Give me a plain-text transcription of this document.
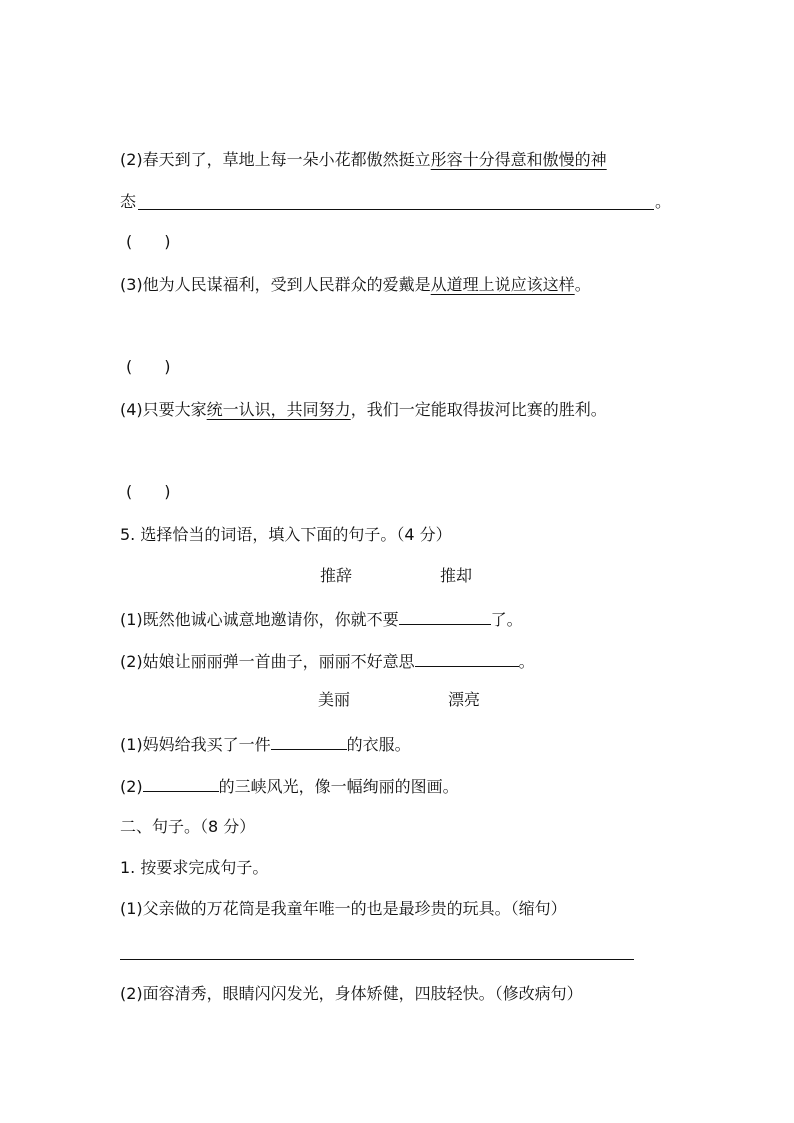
(2)春天到了，草地上每一朵小花都傲然挺立彤容十分得意和傲慢的神
态	。
(　　)
(3)他为人民谋福利，受到人民群众的爱戴是从道理上说应该这样。
(　　)
(4)只要大家统一认识，共同努力，我们一定能取得拔河比赛的胜利。
(　　)
5. 选择恰当的词语，填入下面的句子。（4 分）
推辞	推却
(1)既然他诚心诚意地邀请你，你就不要	了。
(2)姑娘让丽丽弹一首曲子，丽丽不好意思	。
美丽	漂亮
(1)妈妈给我买了一件	的衣服。
(2)	的三峡风光，像一幅绚丽的图画。
二、句子。（8 分）
1. 按要求完成句子。
(1)父亲做的万花筒是我童年唯一的也是最珍贵的玩具。（缩句）
(2)面容清秀，眼睛闪闪发光，身体矫健，四肢轻快。（修改病句）
